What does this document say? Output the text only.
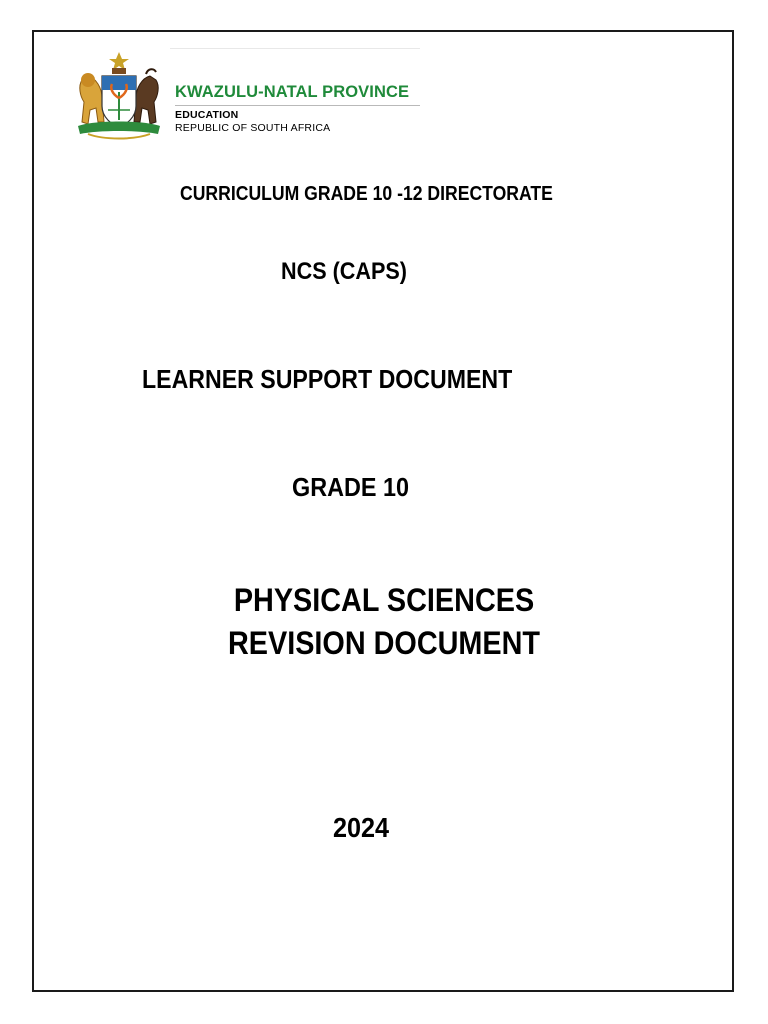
KWAZULU-NATAL PROVINCE
EDUCATION
REPUBLIC OF SOUTH AFRICA
CURRICULUM GRADE 10 -12 DIRECTORATE
NCS (CAPS)
LEARNER SUPPORT DOCUMENT
GRADE 10
PHYSICAL SCIENCES
REVISION DOCUMENT
2024
